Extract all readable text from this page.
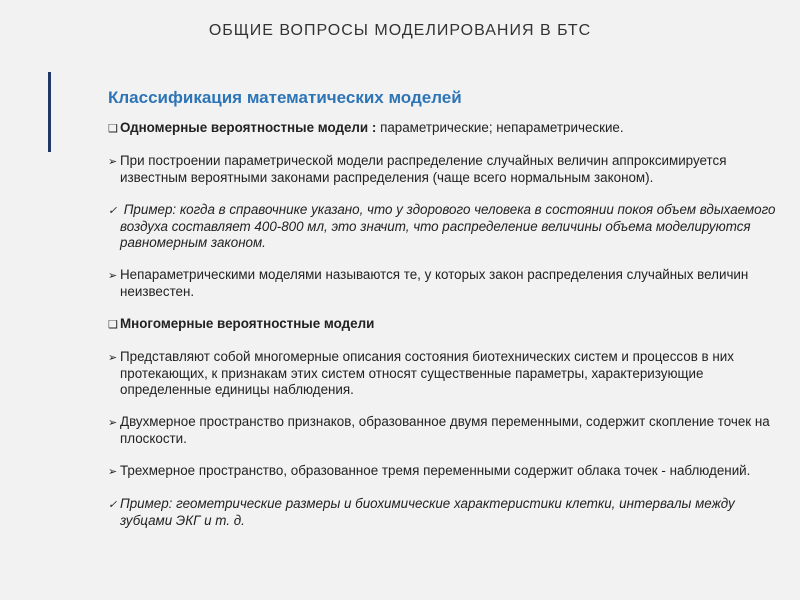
ОБЩИЕ ВОПРОСЫ МОДЕЛИРОВАНИЯ В БТС
Классификация математических моделей
❑ Одномерные вероятностные модели : параметрические; непараметрические.
➢ При построении параметрической модели распределение случайных величин аппроксимируется известным вероятными законами распределения (чаще всего нормальным законом).
✓ Пример: когда в справочнике указано, что у здорового человека в состоянии покоя объем вдыхаемого воздуха составляет 400-800 мл, это значит, что распределение величины объема моделируются равномерным законом.
➢ Непараметрическими моделями называются те, у которых закон распределения случайных величин неизвестен.
❑ Многомерные вероятностные модели
➢ Представляют собой многомерные описания состояния биотехнических систем и процессов в них протекающих, к признакам этих систем относят существенные параметры, характеризующие определенные единицы наблюдения.
➢ Двухмерное пространство признаков, образованное двумя переменными, содержит скопление точек на плоскости.
➢ Трехмерное пространство, образованное тремя переменными содержит облака точек - наблюдений.
✓ Пример: геометрические размеры и биохимические характеристики клетки, интервалы между зубцами ЭКГ и т. д.
